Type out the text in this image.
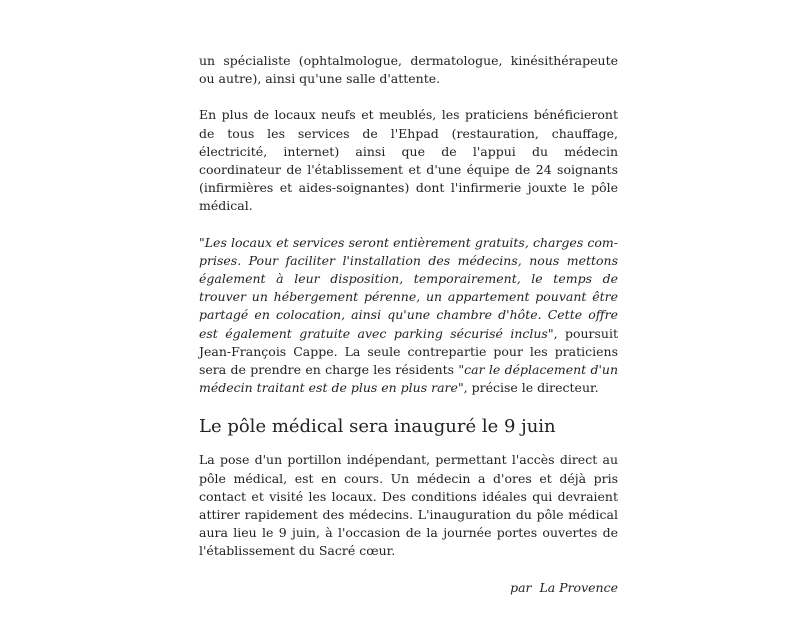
un spécialiste (ophtalmologue, dermatologue, kinésithérapeute ou autre), ainsi qu'une salle d'attente.

En plus de locaux neufs et meublés, les praticiens bénéficieront de tous les services de l'Ehpad (restauration, chauffage, électricité, internet) ainsi que de l'appui du médecin coordinateur de l'établissement et d'une équipe de 24 soignants (infirmières et aides-soignantes) dont l'infirmerie jouxte le pôle médical.

"Les locaux et services seront entièrement gratuits, charges comprises. Pour faciliter l'installation des médecins, nous mettons également à leur disposition, temporairement, le temps de trouver un hébergement pérenne, un appartement pouvant être partagé en colocation, ainsi qu'une chambre d'hôte. Cette offre est également gratuite avec parking sécurisé inclus", poursuit Jean-François Cappe. La seule contrepartie pour les praticiens sera de prendre en charge les résidents "car le déplacement d'un médecin traitant est de plus en plus rare", précise le directeur.

Le pôle médical sera inauguré le 9 juin

La pose d'un portillon indépendant, permettant l'accès direct au pôle médical, est en cours. Un médecin a d'ores et déjà pris contact et visité les locaux. Des conditions idéales qui devraient attirer rapidement des médecins. L'inauguration du pôle médical aura lieu le 9 juin, à l'occasion de la journée portes ouvertes de l'établissement du Sacré cœur.

par  La Provence
